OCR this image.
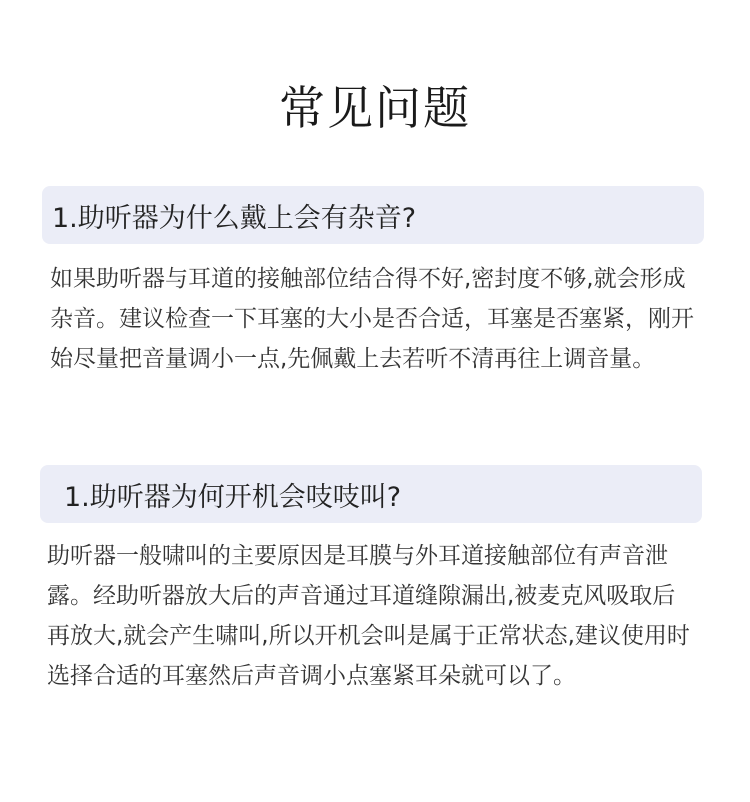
常见问题
1.助听器为什么戴上会有杂音?

如果助听器与耳道的接触部位结合得不好,密封度不够,就会形成杂音。建议检查一下耳塞的大小是否合适，耳塞是否塞紧，刚开始尽量把音量调小一点,先佩戴上去若听不清再往上调音量。

1.助听器为何开机会吱吱叫?

助听器一般啸叫的主要原因是耳膜与外耳道接触部位有声音泄露。经助听器放大后的声音通过耳道缝隙漏出,被麦克风吸取后再放大,就会产生啸叫,所以开机会叫是属于正常状态,建议使用时选择合适的耳塞然后声音调小点塞紧耳朵就可以了。
